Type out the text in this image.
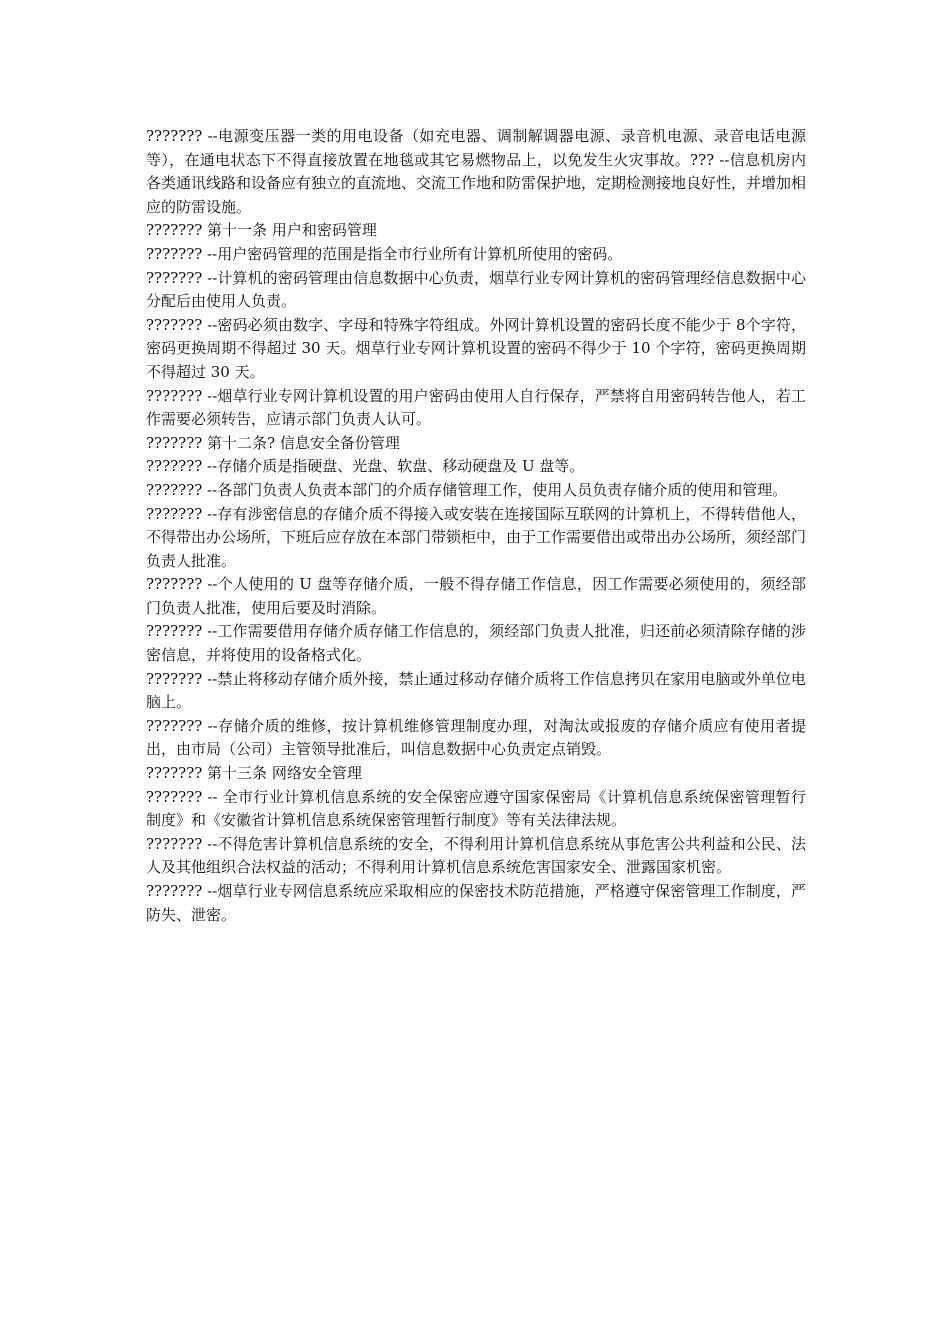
??????? --电源变压器一类的用电设备（如充电器、调制解调器电源、录音机电源、录音电话电源等），在通电状态下不得直接放置在地毯或其它易燃物品上，以免发生火灾事故。??? --信息机房内各类通讯线路和设备应有独立的直流地、交流工作地和防雷保护地，定期检测接地良好性，并增加相应的防雷设施。

??????? 第十一条 用户和密码管理

??????? --用户密码管理的范围是指全市行业所有计算机所使用的密码。

??????? --计算机的密码管理由信息数据中心负责，烟草行业专网计算机的密码管理经信息数据中心分配后由使用人负责。

??????? --密码必须由数字、字母和特殊字符组成。外网计算机设置的密码长度不能少于 8个字符，密码更换周期不得超过 30 天。烟草行业专网计算机设置的密码不得少于 10 个字符，密码更换周期不得超过 30 天。

??????? --烟草行业专网计算机设置的用户密码由使用人自行保存，严禁将自用密码转告他人，若工作需要必须转告，应请示部门负责人认可。

??????? 第十二条? 信息安全备份管理

??????? --存储介质是指硬盘、光盘、软盘、移动硬盘及 U 盘等。

??????? --各部门负责人负责本部门的介质存储管理工作，使用人员负责存储介质的使用和管理。

??????? --存有涉密信息的存储介质不得接入或安装在连接国际互联网的计算机上，不得转借他人，不得带出办公场所，下班后应存放在本部门带锁柜中，由于工作需要借出或带出办公场所，须经部门负责人批准。

??????? --个人使用的 U 盘等存储介质，一般不得存储工作信息，因工作需要必须使用的，须经部门负责人批准，使用后要及时消除。

??????? --工作需要借用存储介质存储工作信息的，须经部门负责人批准，归还前必须清除存储的涉密信息，并将使用的设备格式化。

??????? --禁止将移动存储介质外接，禁止通过移动存储介质将工作信息拷贝在家用电脑或外单位电脑上。

??????? --存储介质的维修，按计算机维修管理制度办理，对淘汰或报废的存储介质应有使用者提出，由市局（公司）主管领导批准后，叫信息数据中心负责定点销毁。

??????? 第十三条 网络安全管理

??????? -- 全市行业计算机信息系统的安全保密应遵守国家保密局《计算机信息系统保密管理暂行制度》和《安徽省计算机信息系统保密管理暂行制度》等有关法律法规。

??????? --不得危害计算机信息系统的安全，不得利用计算机信息系统从事危害公共利益和公民、法人及其他组织合法权益的活动；不得利用计算机信息系统危害国家安全、泄露国家机密。

??????? --烟草行业专网信息系统应采取相应的保密技术防范措施，严格遵守保密管理工作制度，严防失、泄密。
